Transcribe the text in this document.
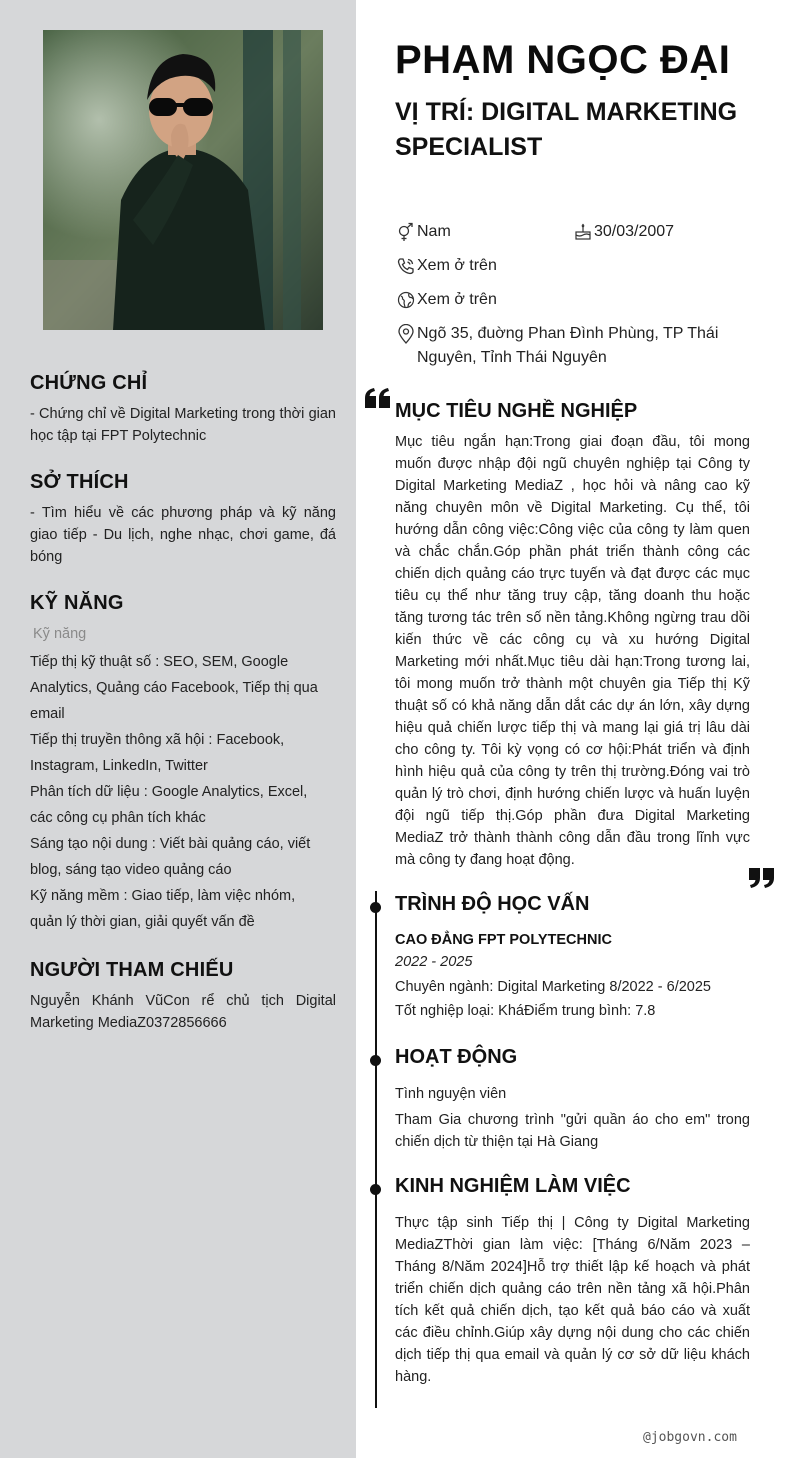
CHỨNG CHỈ
- Chứng chỉ về Digital Marketing trong thời gian học tập tại FPT Polytechnic
SỞ THÍCH
- Tìm hiểu về các phương pháp và kỹ năng giao tiếp - Du lịch, nghe nhạc, chơi game, đá bóng
KỸ NĂNG
Kỹ năng
Tiếp thị kỹ thuật số : SEO, SEM, Google Analytics, Quảng cáo Facebook, Tiếp thị qua email
Tiếp thị truyền thông xã hội : Facebook, Instagram, LinkedIn, Twitter
Phân tích dữ liệu : Google Analytics, Excel, các công cụ phân tích khác
Sáng tạo nội dung : Viết bài quảng cáo, viết blog, sáng tạo video quảng cáo
Kỹ năng mềm : Giao tiếp, làm việc nhóm, quản lý thời gian, giải quyết vấn đề
NGƯỜI THAM CHIẾU
Nguyễn Khánh VũCon rể chủ tịch Digital Marketing MediaZ0372856666
PHẠM NGỌC ĐẠI
VỊ TRÍ: DIGITAL MARKETING SPECIALIST
Nam	30/03/2007
Xem ở trên
Xem ở trên
Ngõ 35, đuờng Phan Đình Phùng, TP Thái Nguyên, Tỉnh Thái Nguyên
MỤC TIÊU NGHỀ NGHIỆP
Mục tiêu ngắn hạn:Trong giai đoạn đầu, tôi mong muốn được nhập đội ngũ chuyên nghiệp tại Công ty Digital Marketing MediaZ , học hỏi và nâng cao kỹ năng chuyên môn về Digital Marketing. Cụ thể, tôi hướng dẫn công việc:Công việc của công ty làm quen và chắc chắn.Góp phần phát triển thành công các chiến dịch quảng cáo trực tuyến và đạt được các mục tiêu cụ thể như tăng truy cập, tăng doanh thu hoặc tăng tương tác trên số nền tảng.Không ngừng trau dồi kiến thức về các công cụ và xu hướng Digital Marketing mới nhất.Mục tiêu dài hạn:Trong tương lai, tôi mong muốn trở thành một chuyên gia Tiếp thị Kỹ thuật số có khả năng dẫn dắt các dự án lớn, xây dựng hiệu quả chiến lược tiếp thị và mang lại giá trị lâu dài cho công ty. Tôi kỳ vọng có cơ hội:Phát triển và định hình hiệu quả của công ty trên thị trường.Đóng vai trò quản lý trò chơi, định hướng chiến lược và huấn luyện đội ngũ tiếp thị.Góp phần đưa Digital Marketing MediaZ trở thành thành công dẫn đầu trong lĩnh vực mà công ty đang hoạt động.
TRÌNH ĐỘ HỌC VẤN
CAO ĐẲNG FPT POLYTECHNIC
2022 - 2025
Chuyên ngành: Digital Marketing 8/2022 - 6/2025
Tốt nghiệp loại: KháĐiểm trung bình: 7.8
HOẠT ĐỘNG
Tình nguyện viên
Tham Gia chương trình "gửi quần áo cho em" trong chiến dịch từ thiện tại Hà Giang
KINH NGHIỆM LÀM VIỆC
Thực tập sinh Tiếp thị | Công ty Digital Marketing MediaZThời gian làm việc: [Tháng 6/Năm 2023 – Tháng 8/Năm 2024]Hỗ trợ thiết lập kế hoạch và phát triển chiến dịch quảng cáo trên nền tảng xã hội.Phân tích kết quả chiến dịch, tạo kết quả báo cáo và xuất các điều chỉnh.Giúp xây dựng nội dung cho các chiến dịch tiếp thị qua email và quản lý cơ sở dữ liệu khách hàng.
@jobgovn.com
